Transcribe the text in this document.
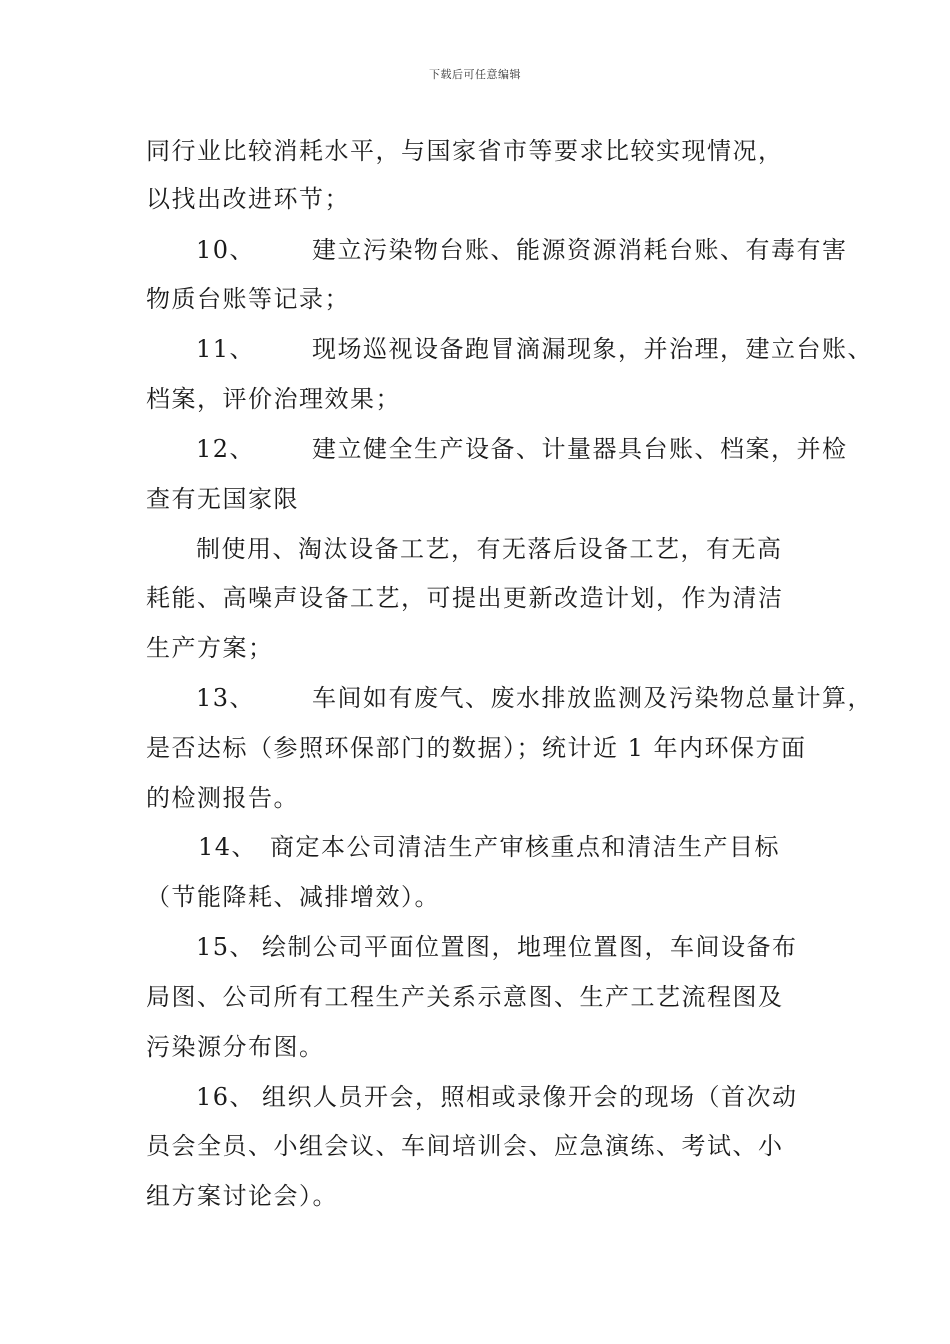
下载后可任意编辑
同行业比较消耗水平，与国家省市等要求比较实现情况，
以找出改进环节；
10、 建立污染物台账、能源资源消耗台账、有毒有害
物质台账等记录；
11、 现场巡视设备跑冒滴漏现象，并治理，建立台账、
档案，评价治理效果；
12、 建立健全生产设备、计量器具台账、档案，并检
查有无国家限
制使用、淘汰设备工艺，有无落后设备工艺，有无高
耗能、高噪声设备工艺，可提出更新改造计划，作为清洁
生产方案；
13、 车间如有废气、废水排放监测及污染物总量计算，
是否达标（参照环保部门的数据）；统计近 1 年内环保方面
的检测报告。
14、 商定本公司清洁生产审核重点和清洁生产目标
（节能降耗、减排增效）。
15、 绘制公司平面位置图，地理位置图，车间设备布
局图、公司所有工程生产关系示意图、生产工艺流程图及
污染源分布图。
16、 组织人员开会，照相或录像开会的现场（首次动
员会全员、小组会议、车间培训会、应急演练、考试、小
组方案讨论会）。
